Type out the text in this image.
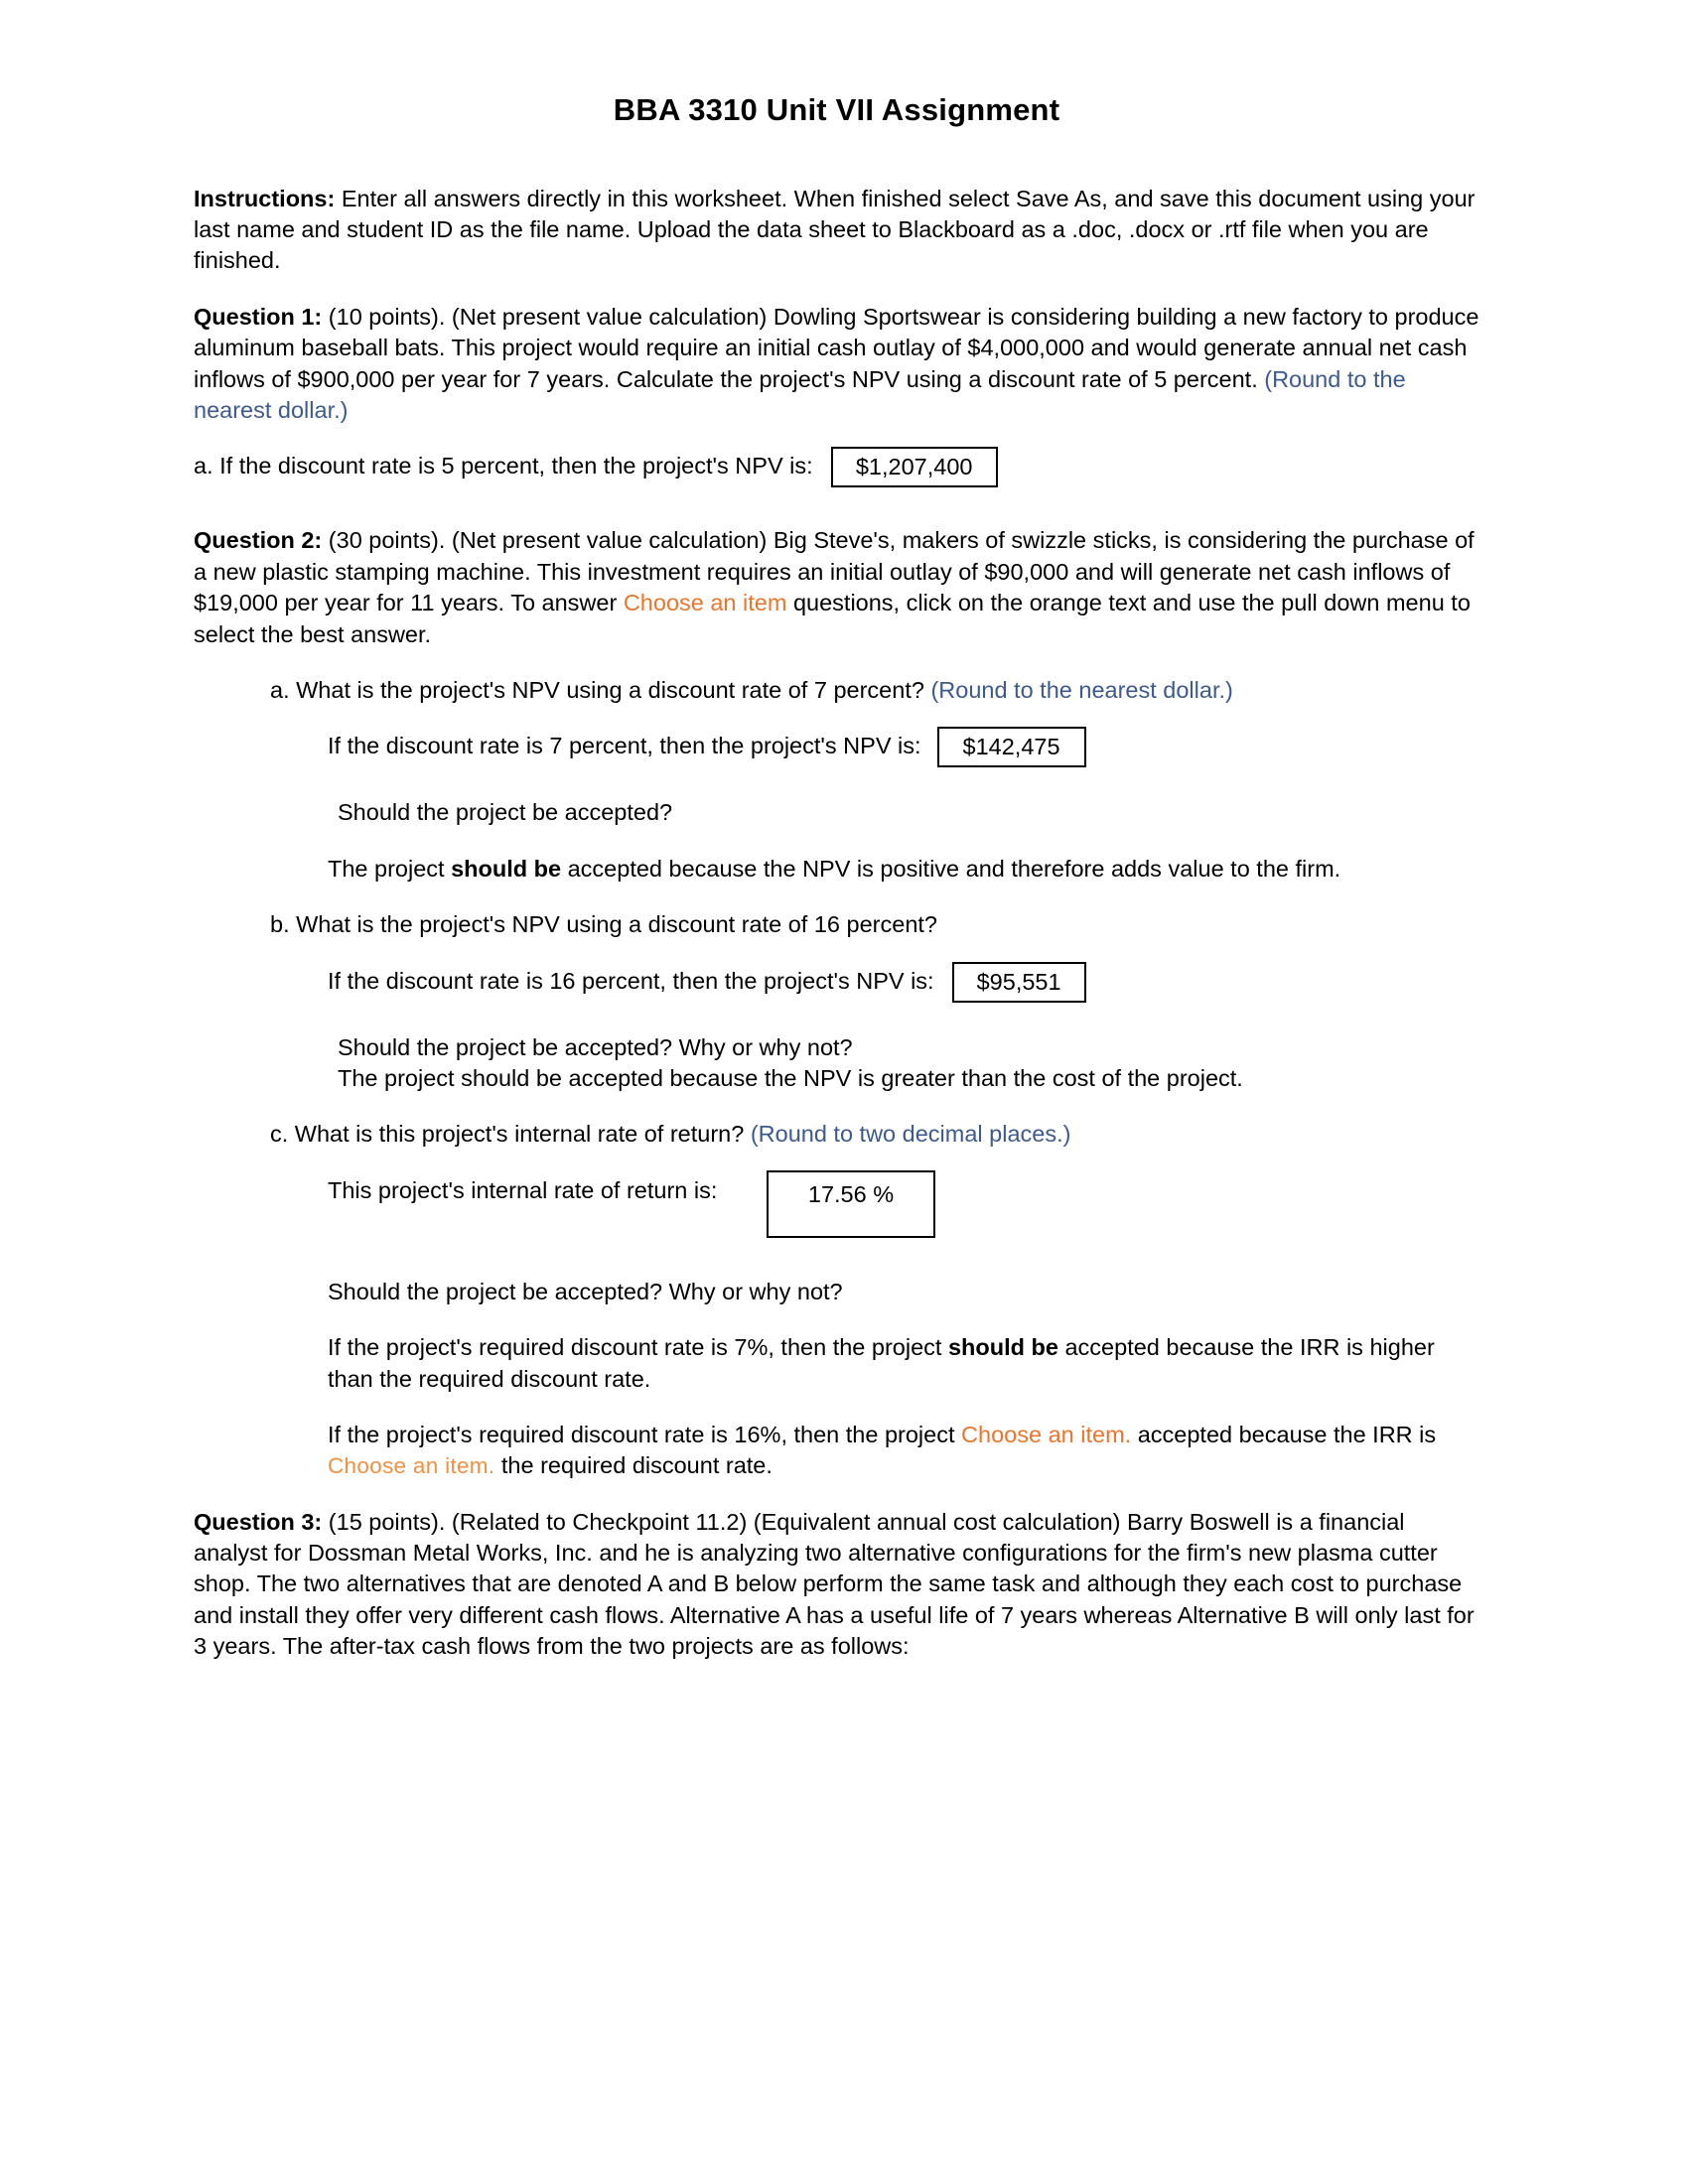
BBA 3310 Unit VII Assignment

Instructions: Enter all answers directly in this worksheet. When finished select Save As, and save this document using your last name and student ID as the file name. Upload the data sheet to Blackboard as a .doc, .docx or .rtf file when you are finished.

Question 1: (10 points). (Net present value calculation) Dowling Sportswear is considering building a new factory to produce aluminum baseball bats. This project would require an initial cash outlay of $4,000,000 and would generate annual net cash inflows of $900,000 per year for 7 years. Calculate the project's NPV using a discount rate of 5 percent. (Round to the nearest dollar.)

a. If the discount rate is 5 percent, then the project's NPV is:	$1,207,400

Question 2: (30 points). (Net present value calculation) Big Steve's, makers of swizzle sticks, is considering the purchase of a new plastic stamping machine. This investment requires an initial outlay of $90,000 and will generate net cash inflows of $19,000 per year for 11 years. To answer Choose an item questions, click on the orange text and use the pull down menu to select the best answer.

a. What is the project's NPV using a discount rate of 7 percent? (Round to the nearest dollar.)

If the discount rate is 7 percent, then the project's NPV is:	$142,475

Should the project be accepted?

The project should be accepted because the NPV is positive and therefore adds value to the firm.

b. What is the project's NPV using a discount rate of 16 percent?

If the discount rate is 16 percent, then the project's NPV is:	$95,551

Should the project be accepted? Why or why not?

The project should be accepted because the NPV is greater than the cost of the project.

c. What is this project's internal rate of return? (Round to two decimal places.)

This project's internal rate of return is:	17.56 %

Should the project be accepted? Why or why not?

If the project's required discount rate is 7%, then the project should be accepted because the IRR is higher than the required discount rate.

If the project's required discount rate is 16%, then the project Choose an item. accepted because the IRR is Choose an item. the required discount rate.

Question 3: (15 points). (Related to Checkpoint 11.2) (Equivalent annual cost calculation) Barry Boswell is a financial analyst for Dossman Metal Works, Inc. and he is analyzing two alternative configurations for the firm's new plasma cutter shop. The two alternatives that are denoted A and B below perform the same task and although they each cost to purchase and install they offer very different cash flows. Alternative A has a useful life of 7 years whereas Alternative B will only last for 3 years. The after-tax cash flows from the two projects are as follows:
